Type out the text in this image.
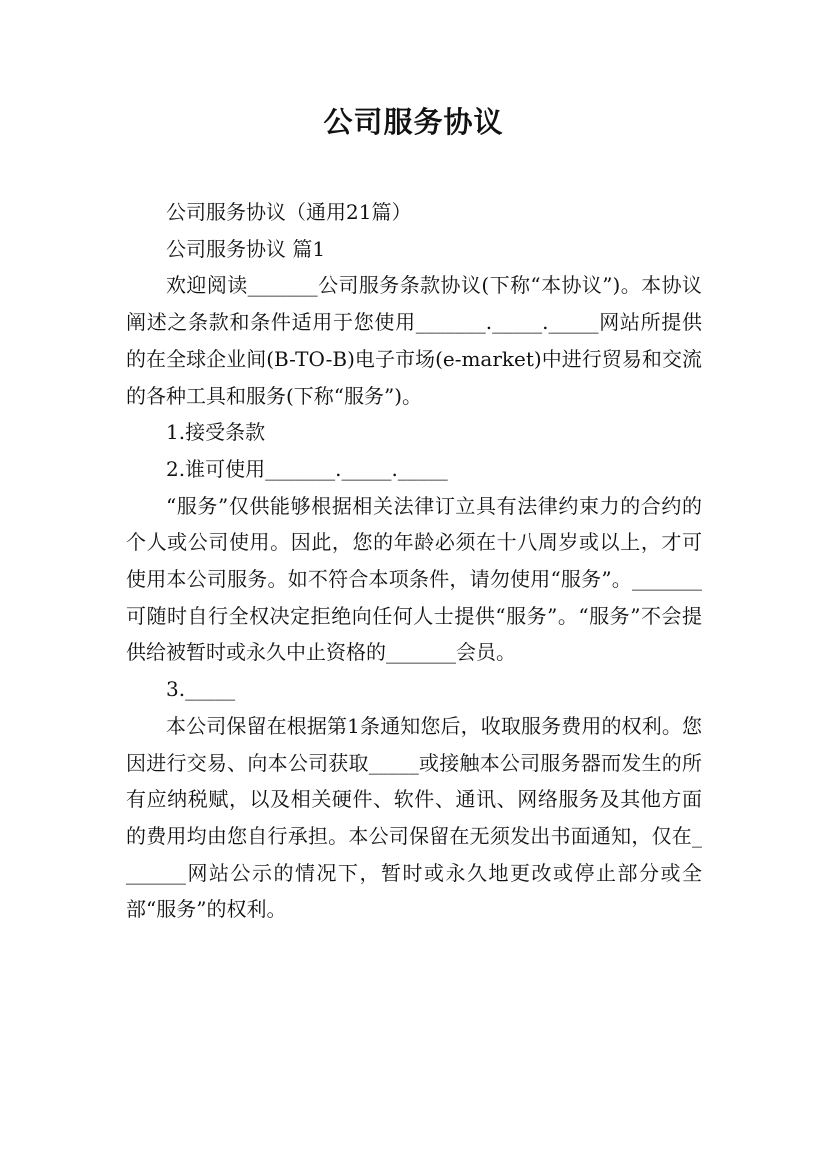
公司服务协议

公司服务协议（通用21篇）

公司服务协议 篇1

欢迎阅读_______公司服务条款协议(下称“本协议”)。本协议阐述之条款和条件适用于您使用_______._____._____网站所提供的在全球企业间(B-TO-B)电子市场(e-market)中进行贸易和交流的各种工具和服务(下称“服务”)。

1.接受条款

2.谁可使用_______._____._____

“服务”仅供能够根据相关法律订立具有法律约束力的合约的个人或公司使用。因此，您的年龄必须在十八周岁或以上，才可使用本公司服务。如不符合本项条件，请勿使用“服务”。_______可随时自行全权决定拒绝向任何人士提供“服务”。“服务”不会提供给被暂时或永久中止资格的_______会员。

3._____

本公司保留在根据第1条通知您后，收取服务费用的权利。您因进行交易、向本公司获取_____或接触本公司服务器而发生的所有应纳税赋，以及相关硬件、软件、通讯、网络服务及其他方面的费用均由您自行承担。本公司保留在无须发出书面通知，仅在_______网站公示的情况下，暂时或永久地更改或停止部分或全部“服务”的权利。
